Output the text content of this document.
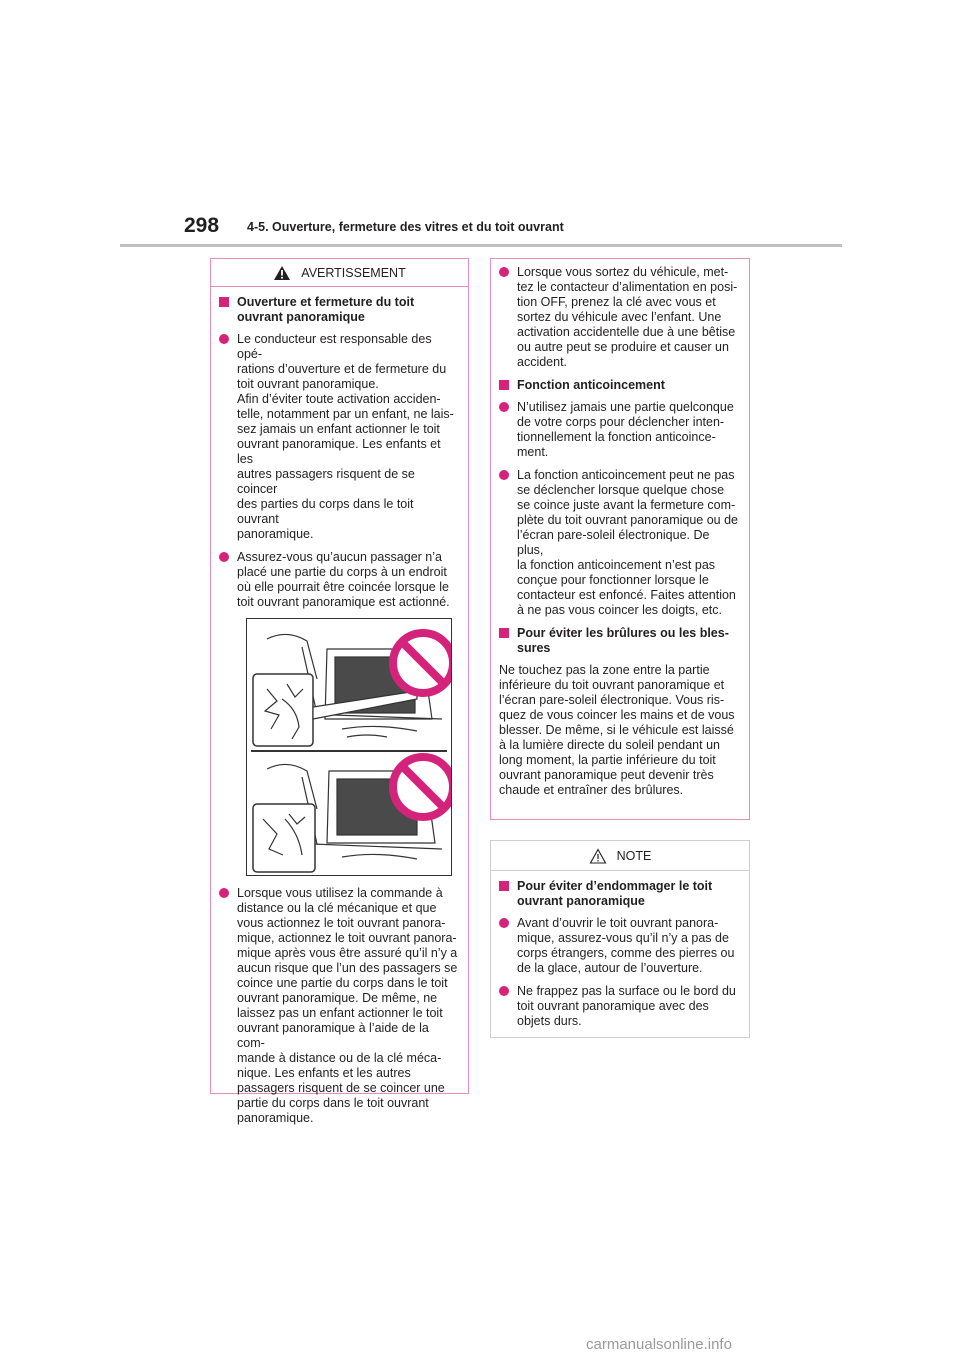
298 4-5. Ouverture, fermeture des vitres et du toit ouvrant
AVERTISSEMENT
Ouverture et fermeture du toit
ouvrant panoramique
Le conducteur est responsable des opé-
rations d’ouverture et de fermeture du
toit ouvrant panoramique.
Afin d’éviter toute activation acciden-
telle, notamment par un enfant, ne lais-
sez jamais un enfant actionner le toit
ouvrant panoramique. Les enfants et les
autres passagers risquent de se coincer
des parties du corps dans le toit ouvrant
panoramique.
Assurez-vous qu’aucun passager n’a
placé une partie du corps à un endroit
où elle pourrait être coincée lorsque le
toit ouvrant panoramique est actionné.
Lorsque vous utilisez la commande à
distance ou la clé mécanique et que
vous actionnez le toit ouvrant panora-
mique, actionnez le toit ouvrant panora-
mique après vous être assuré qu’il n’y a
aucun risque que l’un des passagers se
coince une partie du corps dans le toit
ouvrant panoramique. De même, ne
laissez pas un enfant actionner le toit
ouvrant panoramique à l’aide de la com-
mande à distance ou de la clé méca-
nique. Les enfants et les autres
passagers risquent de se coincer une
partie du corps dans le toit ouvrant
panoramique.
Lorsque vous sortez du véhicule, met-
tez le contacteur d’alimentation en posi-
tion OFF, prenez la clé avec vous et
sortez du véhicule avec l’enfant. Une
activation accidentelle due à une bêtise
ou autre peut se produire et causer un
accident.
Fonction anticoincement
N’utilisez jamais une partie quelconque
de votre corps pour déclencher inten-
tionnellement la fonction anticoince-
ment.
La fonction anticoincement peut ne pas
se déclencher lorsque quelque chose
se coince juste avant la fermeture com-
plète du toit ouvrant panoramique ou de
l’écran pare-soleil électronique. De plus,
la fonction anticoincement n’est pas
conçue pour fonctionner lorsque le
contacteur est enfoncé. Faites attention
à ne pas vous coincer les doigts, etc.
Pour éviter les brûlures ou les bles-
sures
Ne touchez pas la zone entre la partie
inférieure du toit ouvrant panoramique et
l’écran pare-soleil électronique. Vous ris-
quez de vous coincer les mains et de vous
blesser. De même, si le véhicule est laissé
à la lumière directe du soleil pendant un
long moment, la partie inférieure du toit
ouvrant panoramique peut devenir très
chaude et entraîner des brûlures.
NOTE
Pour éviter d’endommager le toit
ouvrant panoramique
Avant d’ouvrir le toit ouvrant panora-
mique, assurez-vous qu’il n’y a pas de
corps étrangers, comme des pierres ou
de la glace, autour de l’ouverture.
Ne frappez pas la surface ou le bord du
toit ouvrant panoramique avec des
objets durs.
carmanualsonline.info
